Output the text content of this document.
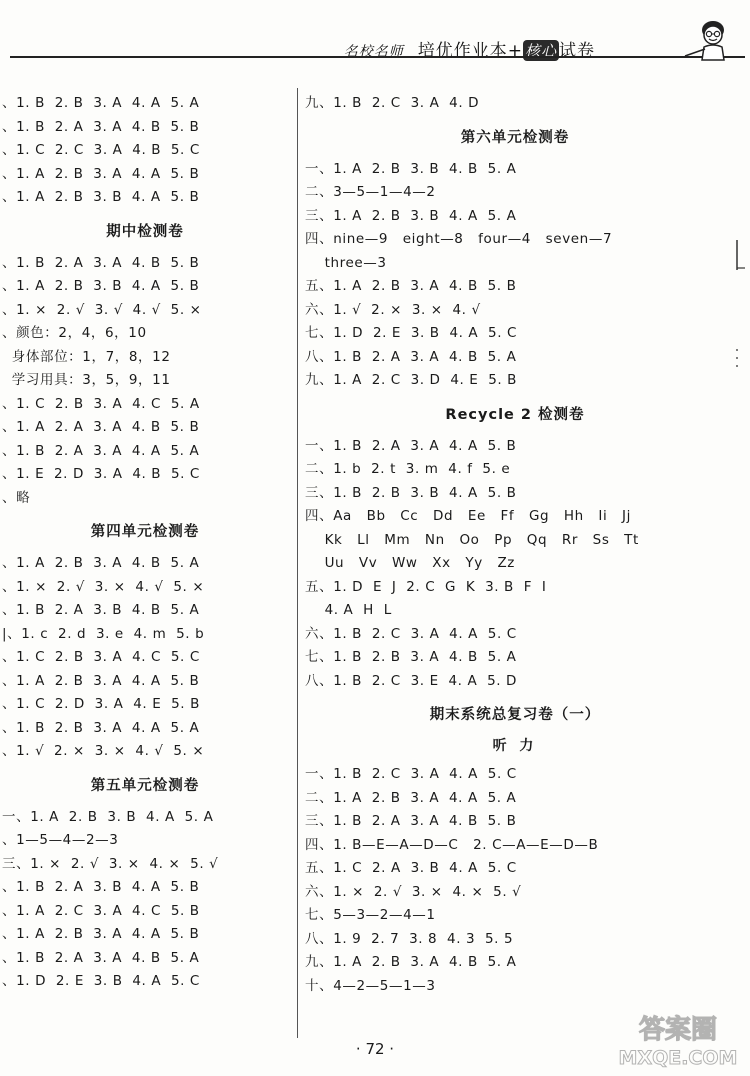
名校名师 培优作业本+ 核心 试卷
、1. B  2. B  3. A  4. A  5. A
、1. B  2. A  3. A  4. B  5. B
、1. C  2. C  3. A  4. B  5. C
、1. A  2. B  3. A  4. A  5. B
、1. A  2. B  3. B  4. A  5. B
期中检测卷
、1. B  2. A  3. A  4. B  5. B
、1. A  2. B  3. B  4. A  5. B
、1. ×  2. √  3. √  4. √  5. ×
、颜色：2，4，6，10
身体部位：1，7，8，12
学习用具：3，5，9，11
、1. C  2. B  3. A  4. C  5. A
、1. A  2. A  3. A  4. B  5. B
、1. B  2. A  3. A  4. A  5. A
、1. E  2. D  3. A  4. B  5. C
、略
第四单元检测卷
、1. A  2. B  3. A  4. B  5. A
、1. ×  2. √  3. ×  4. √  5. ×
、1. B  2. A  3. B  4. B  5. A
|、1. c  2. d  3. e  4. m  5. b
、1. C  2. B  3. A  4. C  5. C
、1. A  2. B  3. A  4. A  5. B
、1. C  2. D  3. A  4. E  5. B
、1. B  2. B  3. A  4. A  5. A
、1. √  2. ×  3. ×  4. √  5. ×
第五单元检测卷
一、1. A  2. B  3. B  4. A  5. A
、1—5—4—2—3
三、1. ×  2. √  3. ×  4. ×  5. √
、1. B  2. A  3. B  4. A  5. B
、1. A  2. C  3. A  4. C  5. B
、1. A  2. B  3. A  4. A  5. B
、1. B  2. A  3. A  4. B  5. A
、1. D  2. E  3. B  4. A  5. C
九、1. B  2. C  3. A  4. D
第六单元检测卷
一、1. A  2. B  3. B  4. B  5. A
二、3—5—1—4—2
三、1. A  2. B  3. B  4. A  5. A
四、nine—9   eight—8   four—4   seven—7
three—3
五、1. A  2. B  3. A  4. B  5. B
六、1. √  2. ×  3. ×  4. √
七、1. D  2. E  3. B  4. A  5. C
八、1. B  2. A  3. A  4. B  5. A
九、1. A  2. C  3. D  4. E  5. B
Recycle 2 检测卷
一、1. B  2. A  3. A  4. A  5. B
二、1. b  2. t  3. m  4. f  5. e
三、1. B  2. B  3. B  4. A  5. B
四、Aa   Bb   Cc   Dd   Ee   Ff   Gg   Hh   Ii   Jj
Kk   Ll   Mm   Nn   Oo   Pp   Qq   Rr   Ss   Tt
Uu   Vv   Ww   Xx   Yy   Zz
五、1. D  E  J  2. C  G  K  3. B  F  I
4. A  H  L
六、1. B  2. C  3. A  4. A  5. C
七、1. B  2. B  3. A  4. B  5. A
八、1. B  2. C  3. E  4. A  5. D
期末系统总复习卷（一）
听 力
一、1. B  2. C  3. A  4. A  5. C
二、1. A  2. B  3. A  4. A  5. A
三、1. B  2. A  3. A  4. B  5. B
四、1. B—E—A—D—C   2. C—A—E—D—B
五、1. C  2. A  3. B  4. A  5. C
六、1. ×  2. √  3. ×  4. ×  5. √
七、5—3—2—4—1
八、1. 9  2. 7  3. 8  4. 3  5. 5
九、1. A  2. B  3. A  4. B  5. A
十、4—2—5—1—3
· 72 ·
答案圈
MXQE.COM
